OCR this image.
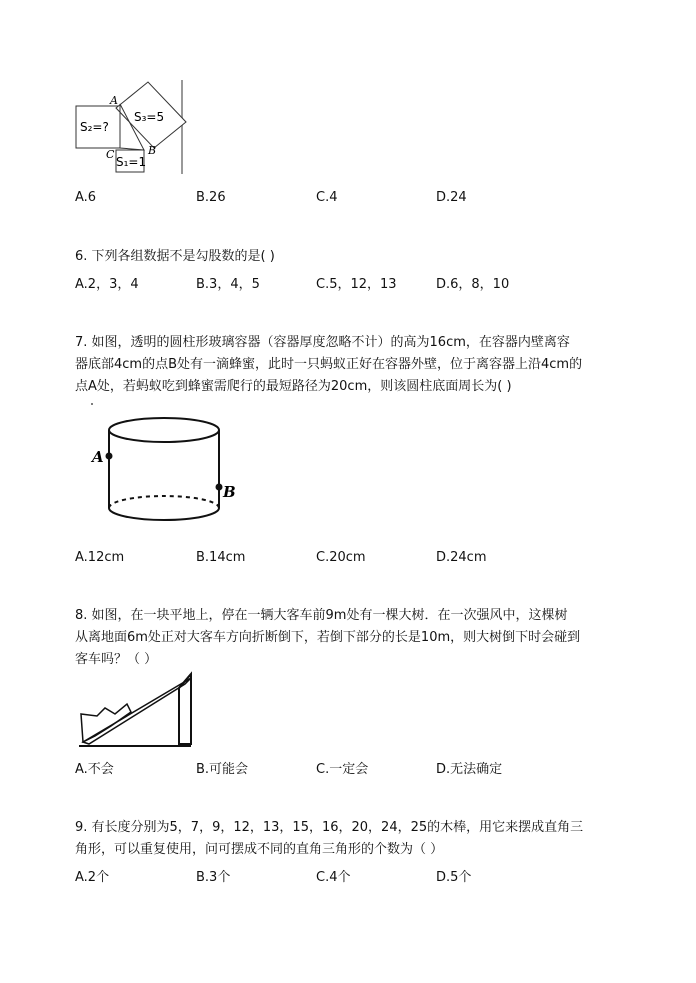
S₂=?
S₃=5
S₁=1
A
B
C
A.6	B.26	C.4	D.24
6. 下列各组数据不是勾股数的是( )
A.2，3，4	B.3，4，5	C.5，12，13	D.6，8，10
7. 如图，透明的圆柱形玻璃容器（容器厚度忽略不计）的高为16cm，在容器内壁离容
器底部4cm的点B处有一滴蜂蜜，此时一只蚂蚁正好在容器外壁，位于离容器上沿4cm的
点A处，若蚂蚁吃到蜂蜜需爬行的最短路径为20cm，则该圆柱底面周长为( )
A
B
A.12cm	B.14cm	C.20cm	D.24cm
8. 如图，在一块平地上，停在一辆大客车前9m处有一棵大树．在一次强风中，这棵树
从离地面6m处正对大客车方向折断倒下，若倒下部分的长是10m，则大树倒下时会碰到
客车吗？（ ）
A.不会	B.可能会	C.一定会	D.无法确定
9. 有长度分别为5，7，9，12，13，15，16，20，24，25的木棒，用它来摆成直角三
角形，可以重复使用，问可摆成不同的直角三角形的个数为（ ）
A.2个	B.3个	C.4个	D.5个
